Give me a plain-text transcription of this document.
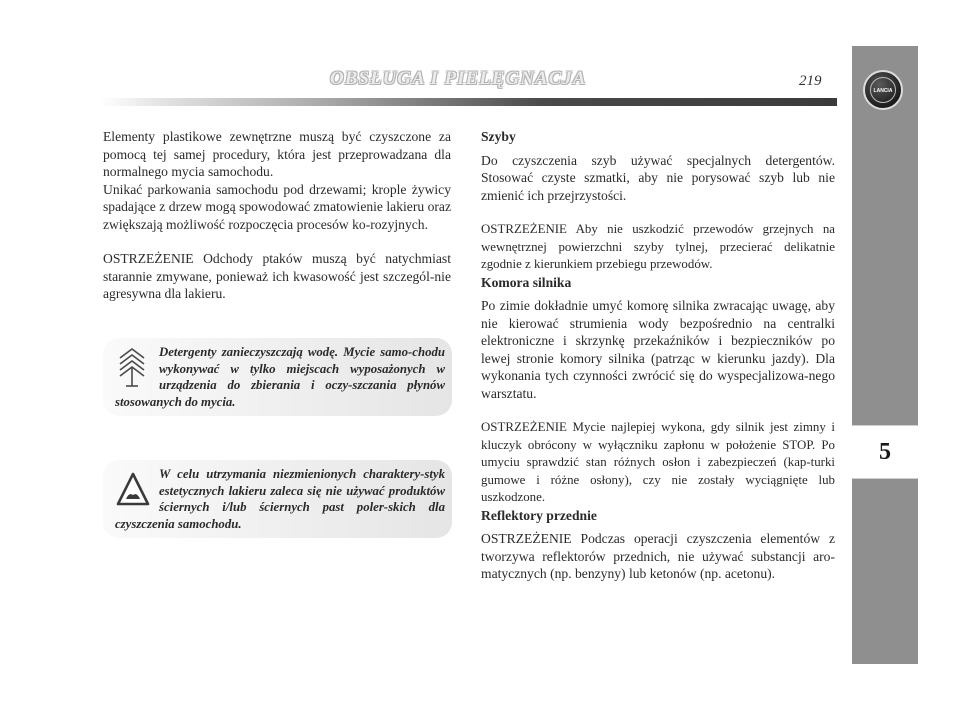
OBSŁUGA I PIELĘGNACJA	219
LANCIA
5

Elementy plastikowe zewnętrzne muszą być czyszczone za pomocą tej samej procedury, która jest przeprowadzana dla normalnego mycia samochodu.

Unikać parkowania samochodu pod drzewami; krople żywicy spadające z drzew mogą spowodować zmatowienie lakieru oraz zwiększają możliwość rozpoczęcia procesów ko-rozyjnych.

OSTRZEŻENIE Odchody ptaków muszą być natychmiast starannie zmywane, ponieważ ich kwasowość jest szczegól-nie agresywna dla lakieru.

Detergenty zanieczyszczają wodę. Mycie samo-chodu wykonywać w tylko miejscach wyposażonych w urządzenia do zbierania i oczy-szczania płynów stosowanych do mycia.
W celu utrzymania niezmienionych charaktery-styk estetycznych lakieru zaleca się nie używać produktów ściernych i/lub ściernych past poler-skich dla czyszczenia samochodu.

Szyby

Do czyszczenia szyb używać specjalnych detergentów. Stosować czyste szmatki, aby nie porysować szyb lub nie zmienić ich przejrzystości.

OSTRZEŻENIE Aby nie uszkodzić przewodów grzejnych na wewnętrznej powierzchni szyby tylnej, przecierać delikatnie zgodnie z kierunkiem przebiegu przewodów.

Komora silnika

Po zimie dokładnie umyć komorę silnika zwracając uwagę, aby nie kierować strumienia wody bezpośrednio na centralki elektroniczne i skrzynkę przekaźników i bezpieczników po lewej stronie komory silnika (patrząc w kierunku jazdy). Dla wykonania tych czynności zwrócić się do wyspecjalizowa-nego warsztatu.

OSTRZEŻENIE Mycie najlepiej wykona, gdy silnik jest zimny i kluczyk obrócony w wyłączniku zapłonu w położenie STOP. Po umyciu sprawdzić stan różnych osłon i zabezpieczeń (kap-turki gumowe i różne osłony), czy nie zostały wyciągnięte lub uszkodzone.

Reflektory przednie

OSTRZEŻENIE Podczas operacji czyszczenia elementów z tworzywa reflektorów przednich, nie używać substancji aro-matycznych (np. benzyny) lub ketonów (np. acetonu).
